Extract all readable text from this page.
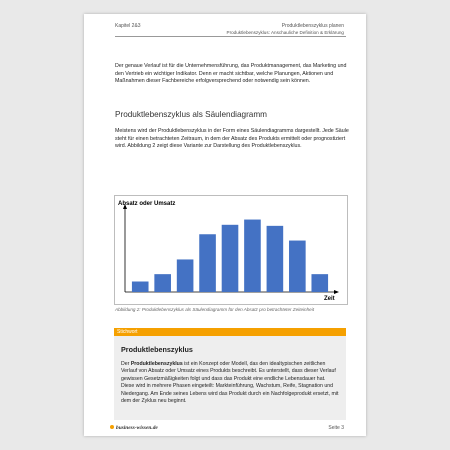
Kapitel 2&3	Produktlebenszyklus planen
Produktlebenszyklus: Anschauliche Definition & Erklärung
Der genaue Verlauf ist für die Unternehmensführung, das Produktmanagement, das Marketing und den Vertrieb ein wichtiger Indikator. Denn er macht sichtbar, welche Planungen, Aktionen und Maßnahmen dieser Fachbereiche erfolgversprechend oder notwendig sein können.
Produktlebenszyklus als Säulendiagramm
Meistens wird der Produktlebenszyklus in der Form eines Säulendiagramms dargestellt. Jede Säule steht für einen betrachteten Zeitraum, in dem der Absatz des Produkts ermittelt oder prognostiziert wird. Abbildung 2 zeigt diese Variante zur Darstellung des Produktlebenszyklus.
Absatz oder Umsatz
Zeit
Abbildung 2: Produktlebenszyklus als Säulendiagramm für den Absatz pro betrachteter Zeiteinheit
Stichwort
Produktlebenszyklus
Der Produktlebenszyklus ist ein Konzept oder Modell, das den idealtypischen zeitlichen Verlauf von Absatz oder Umsatz eines Produkts beschreibt. Es unterstellt, dass dieser Verlauf gewissen Gesetzmäßigkeiten folgt und dass das Produkt eine endliche Lebensdauer hat. Diese wird in mehrere Phasen eingeteilt: Markteinführung, Wachstum, Reife, Stagnation und Niedergang. Am Ende seines Lebens wird das Produkt durch ein Nachfolgeprodukt ersetzt, mit dem der Zyklus neu beginnt.
business-wissen.de	Seite 3
